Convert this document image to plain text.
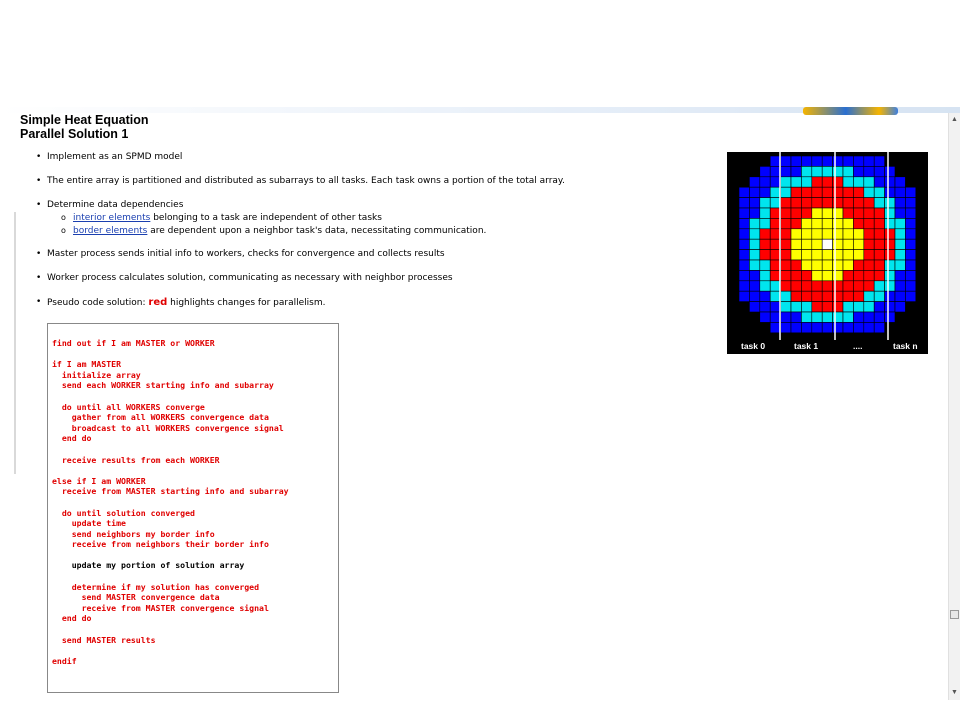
Simple Heat Equation
Parallel Solution 1
• Implement as an SPMD model
• The entire array is partitioned and distributed as subarrays to all tasks. Each task owns a portion of the total array.
• Determine data dependencies
o interior elements belonging to a task are independent of other tasks
o border elements are dependent upon a neighbor task's data, necessitating communication.
• Master process sends initial info to workers, checks for convergence and collects results
• Worker process calculates solution, communicating as necessary with neighbor processes
• Pseudo code solution: red highlights changes for parallelism.
find out if I am MASTER or WORKER
if I am MASTER
initialize array
send each WORKER starting info and subarray
do until all WORKERS converge
gather from all WORKERS convergence data
broadcast to all WORKERS convergence signal
end do
receive results from each WORKER
else if I am WORKER
receive from MASTER starting info and subarray
do until solution converged
update time
send neighbors my border info
receive from neighbors their border info
update my portion of solution array
determine if my solution has converged
send MASTER convergence data
receive from MASTER convergence signal
end do
send MASTER results
endif
task 0	task 1	....	task n
▲
▼
